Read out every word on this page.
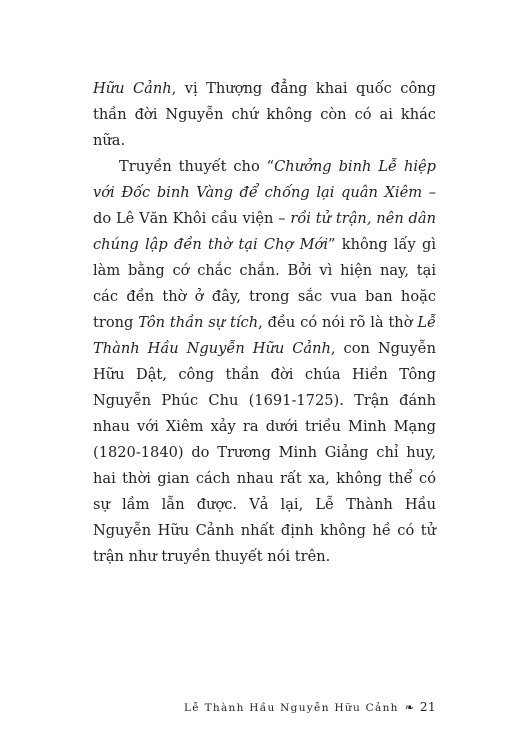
Hữu Cảnh, vị Thượng đẳng khai quốc công thần đời Nguyễn chứ không còn có ai khác nữa.

Truyền thuyết cho “Chưởng binh Lễ hiệp với Đốc binh Vàng để chống lại quân Xiêm – do Lê Văn Khôi cầu viện – rồi tử trận, nên dân chúng lập đền thờ tại Chợ Mới” không lấy gì làm bằng cớ chắc chắn. Bởi vì hiện nay, tại các đền thờ ở đây, trong sắc vua ban hoặc trong Tôn thần sự tích, đều có nói rõ là thờ Lễ Thành Hầu Nguyễn Hữu Cảnh, con Nguyễn Hữu Dật, công thần đời chúa Hiền Tông Nguyễn Phúc Chu (1691-1725). Trận đánh nhau với Xiêm xảy ra dưới triều Minh Mạng (1820-1840) do Trương Minh Giảng chỉ huy, hai thời gian cách nhau rất xa, không thể có sự lầm lẫn được. Vả lại, Lễ Thành Hầu Nguyễn Hữu Cảnh nhất định không hề có tử trận như truyền thuyết nói trên.

Lễ Thành Hầu Nguyễn Hữu Cảnh ❧ 21
